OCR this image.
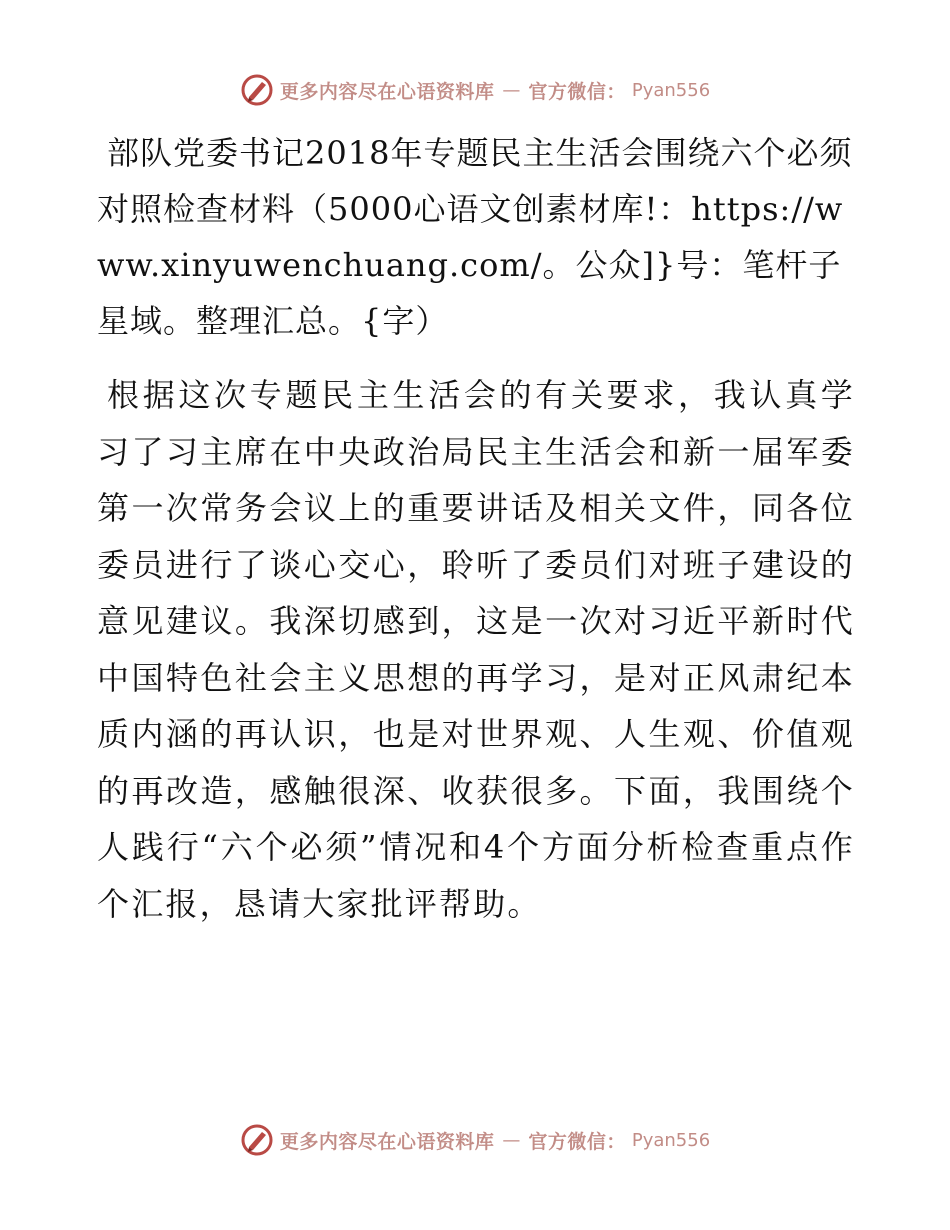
更多内容尽在心语资料库 — 官方微信： Pyan556
部队党委书记2018年专题民主生活会围绕六个必须对照检查材料（5000心语文创素材库!：https://www.xinyuwenchuang.com/。公众]}号：笔杆子星域。整理汇总。{字）

根据这次专题民主生活会的有关要求，我认真学习了习主席在中央政治局民主生活会和新一届军委第一次常务会议上的重要讲话及相关文件，同各位委员进行了谈心交心，聆听了委员们对班子建设的意见建议。我深切感到，这是一次对习近平新时代中国特色社会主义思想的再学习，是对正风肃纪本质内涵的再认识，也是对世界观、人生观、价值观的再改造，感触很深、收获很多。下面，我围绕个人践行“六个必须”情况和4个方面分析检查重点作个汇报，恳请大家批评帮助。

更多内容尽在心语资料库 — 官方微信： Pyan556
